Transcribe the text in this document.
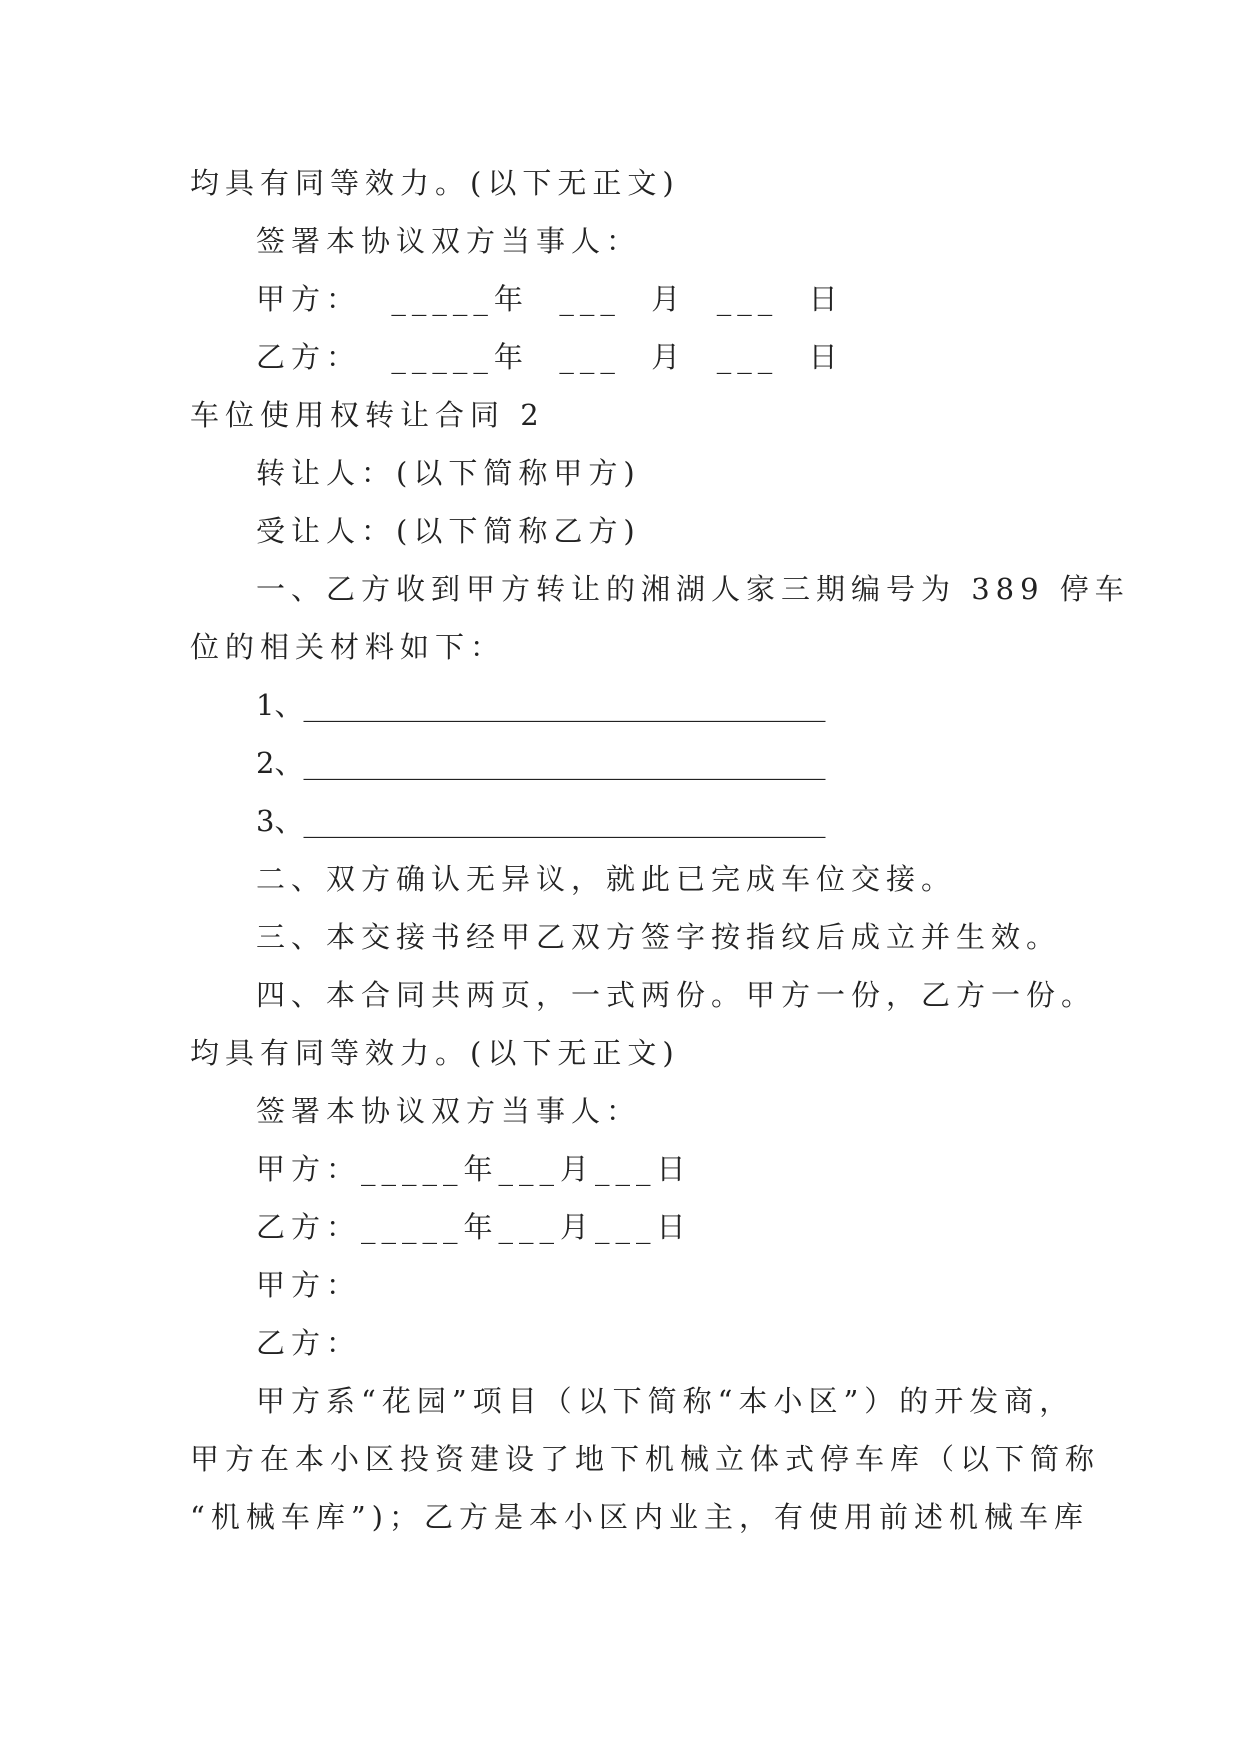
均具有同等效力。(以下无正文)

签署本协议双方当事人：

甲方：  _____年  ___  月  ___  日

乙方：  _____年  ___  月  ___  日

车位使用权转让合同 2

转让人：(以下简称甲方)

受让人：(以下简称乙方)

一、乙方收到甲方转让的湘湖人家三期编号为 389 停车

位的相关材料如下：

1、____________________________________

2、____________________________________

3、____________________________________

二、双方确认无异议，就此已完成车位交接。

三、本交接书经甲乙双方签字按指纹后成立并生效。

四、本合同共两页，一式两份。甲方一份，乙方一份。

均具有同等效力。(以下无正文)

签署本协议双方当事人：

甲方：_____年___月___日

乙方：_____年___月___日

甲方：

乙方：

甲方系“花园”项目（以下简称“本小区”）的开发商，

甲方在本小区投资建设了地下机械立体式停车库（以下简称

“机械车库”)；乙方是本小区内业主，有使用前述机械车库
